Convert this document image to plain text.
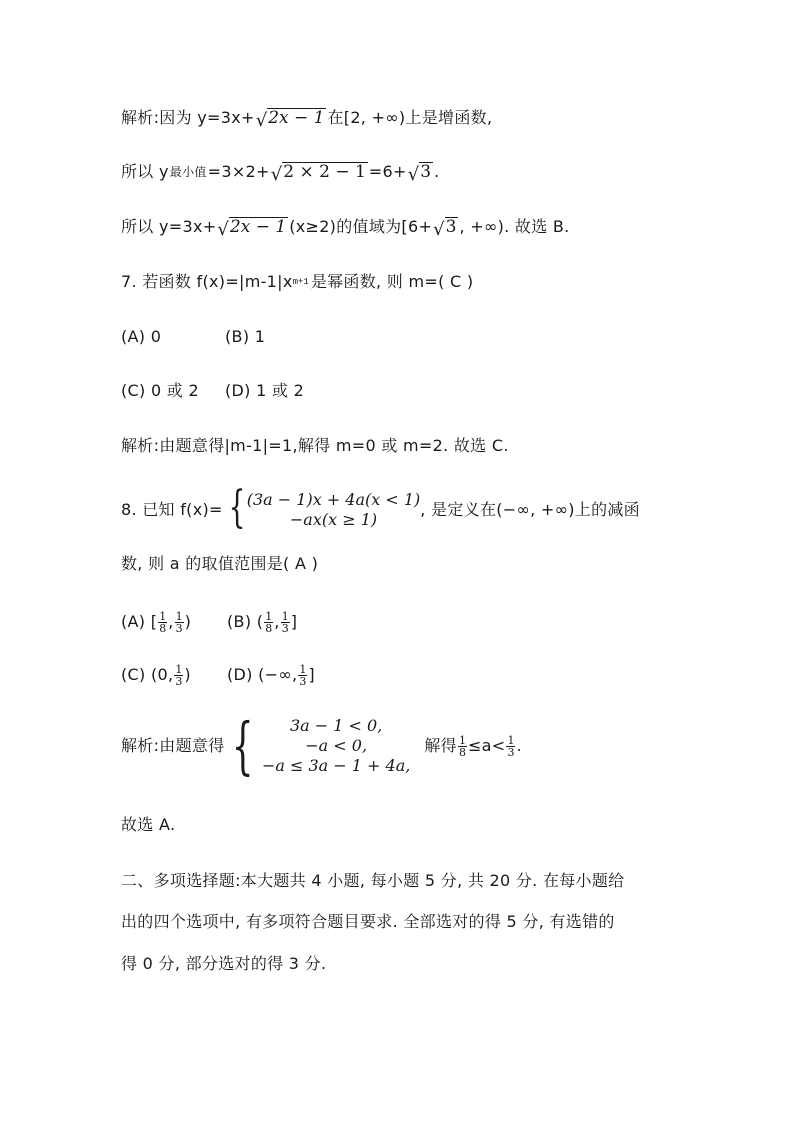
解析:因为 y=3x+ √ 2x − 1 在[2, +∞)上是增函数,
所以 y 最小值 =3×2+ √ 2 × 2 − 1 =6+ √ 3 .
所以 y=3x+ √ 2x − 1 (x≥2)的值域为[6+ √ 3 , +∞). 故选 B.
7. 若函数 f(x)=|m-1|x m+1 是幂函数, 则 m=( C )
(A) 0	(B) 1
(C) 0 或 2	(D) 1 或 2
解析:由题意得|m-1|=1,解得 m=0 或 m=2. 故选 C.
8. 已知 f(x)= { (3a − 1)x + 4a(x < 1)
−ax(x ≥ 1)
, 是定义在(−∞, +∞)上的减函
数, 则 a 的取值范围是( A )
(A) [ $\frac{1}{8}$ , $\frac{1}{3}$ ) (B) ( $\frac{1}{8}$ , $\frac{1}{3}$ ]
(C) (0, $\frac{1}{3}$ ) (D) (−∞, $\frac{1}{3}$ ]
解析:由题意得 { 3a − 1 < 0,
−a < 0,
−a ≤ 3a − 1 + 4a,
解得 $\frac{1}{8} \le a< \frac{1}{3}$ .
故选 A.
二、多项选择题:本大题共 4 小题, 每小题 5 分, 共 20 分. 在每小题给
出的四个选项中, 有多项符合题目要求. 全部选对的得 5 分, 有选错的
得 0 分, 部分选对的得 3 分.
